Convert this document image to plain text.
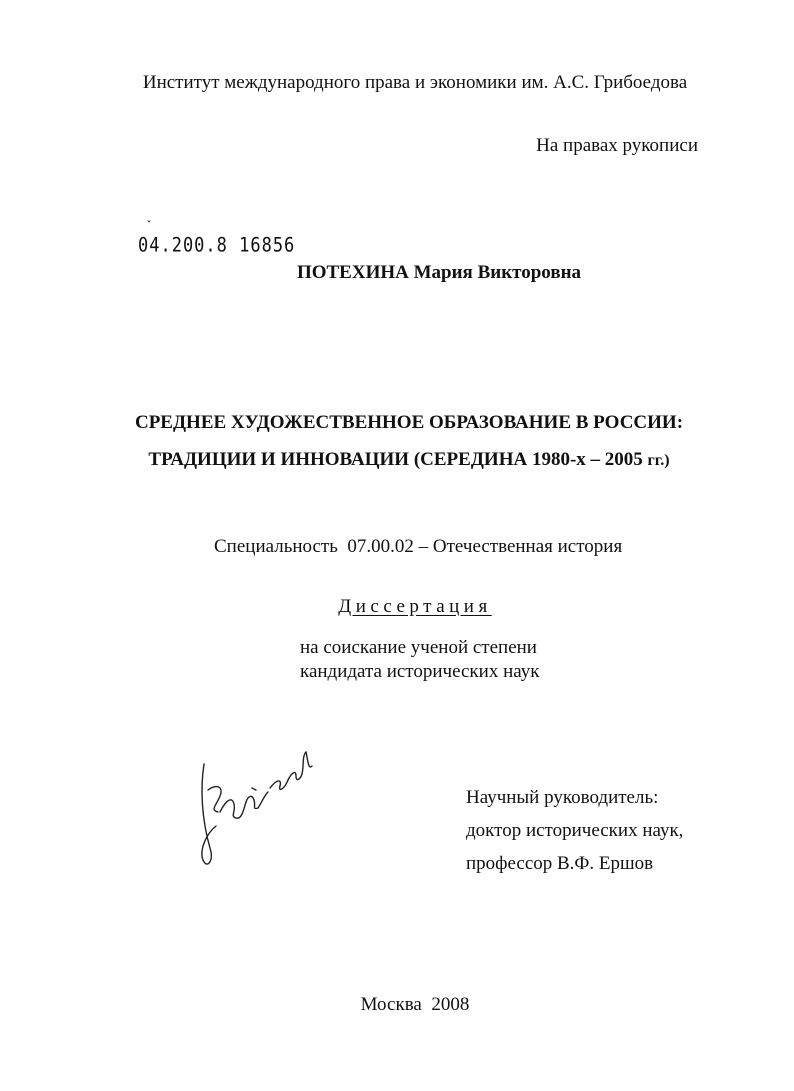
Институт международного права и экономики им. А.С. Грибоедова
На правах рукописи
ˇ
04.200.8 16856
ПОТЕХИНА Мария Викторовна
СРЕДНЕЕ ХУДОЖЕСТВЕННОЕ ОБРАЗОВАНИЕ В РОССИИ:
ТРАДИЦИИ И ИННОВАЦИИ (СЕРЕДИНА 1980-х – 2005 гг.)
Специальность 07.00.02 – Отечественная история
Диссертация
на соискание ученой степени
кандидата исторических наук
Научный руководитель:
доктор исторических наук,
профессор В.Ф. Ершов
Москва 2008
